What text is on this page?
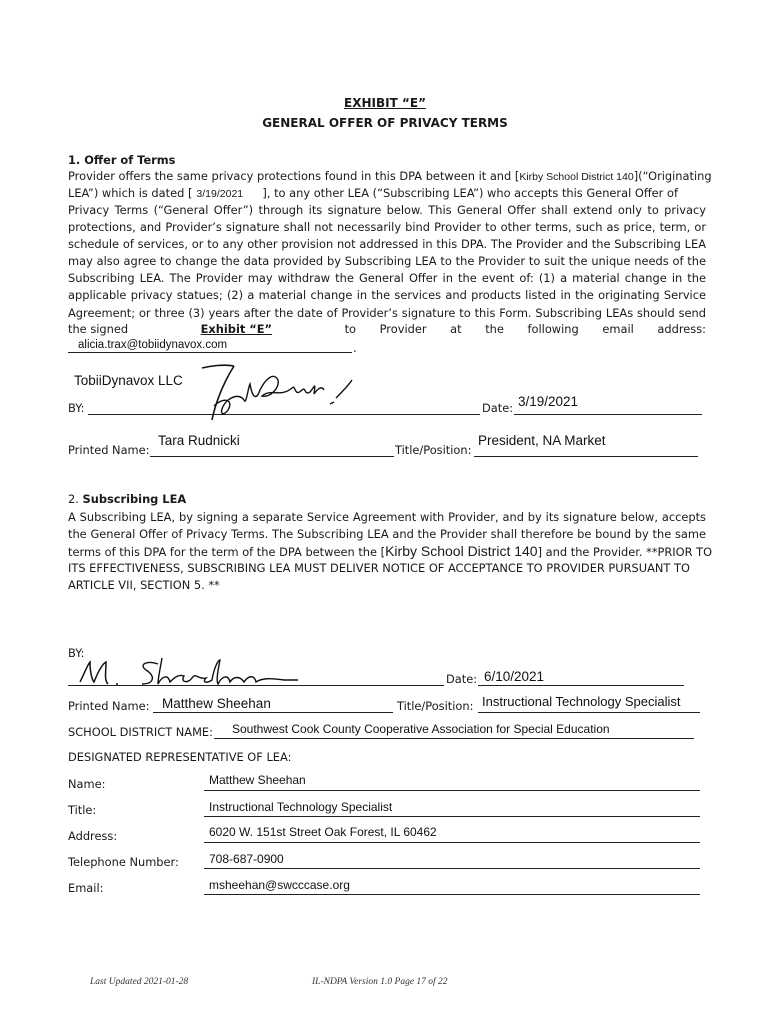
EXHIBIT “E”
GENERAL OFFER OF PRIVACY TERMS
1. Offer of Terms
Provider offers the same privacy protections found in this DPA between it and [Kirby School District 140](“Originating
LEA”) which is dated [ 3/19/2021 ], to any other LEA (“Subscribing LEA”) who accepts this General Offer of
Privacy Terms (“General Offer”) through its signature below. This General Offer shall extend only to privacy protections, and Provider’s signature shall not necessarily bind Provider to other terms, such as price, term, or schedule of services, or to any other provision not addressed in this DPA. The Provider and the Subscribing LEA may also agree to change the data provided by Subscribing LEA to the Provider to suit the unique needs of the Subscribing LEA. The Provider may withdraw the General Offer in the event of: (1) a material change in the applicable privacy statues; (2) a material change in the services and products listed in the originating Service Agreement; or three (3) years after the date of Provider’s signature to this Form. Subscribing LEAs should send
the signed	Exhibit “E”	to Provider at the following email address:
.
alicia.trax@tobiidynavox.com
TobiiDynavox LLC
BY:	Date: 3/19/2021
Printed Name:
Tara Rudnicki
Title/Position:
President, NA Market
2. Subscribing LEA
A Subscribing LEA, by signing a separate Service Agreement with Provider, and by its signature below, accepts the General Offer of Privacy Terms. The Subscribing LEA and the Provider shall therefore be bound by the same
terms of this DPA for the term of the DPA between the [Kirby School District 140] and the Provider. **PRIOR TO
ITS EFFECTIVENESS, SUBSCRIBING LEA MUST DELIVER NOTICE OF ACCEPTANCE TO PROVIDER PURSUANT TO ARTICLE VII, SECTION 5. **
BY:
Date: 6/10/2021
Printed Name: Matthew Sheehan	Title/Position: Instructional Technology Specialist
SCHOOL DISTRICT NAME: Southwest Cook County Cooperative Association for Special Education
DESIGNATED REPRESENTATIVE OF LEA:
Name:	Matthew Sheehan
Title:	Instructional Technology Specialist
Address:	6020 W. 151st Street Oak Forest, IL 60462
Telephone Number:	708-687-0900
Email:	msheehan@swcccase.org
Last Updated 2021-01-28	IL-NDPA Version 1.0 Page 17 of 22
